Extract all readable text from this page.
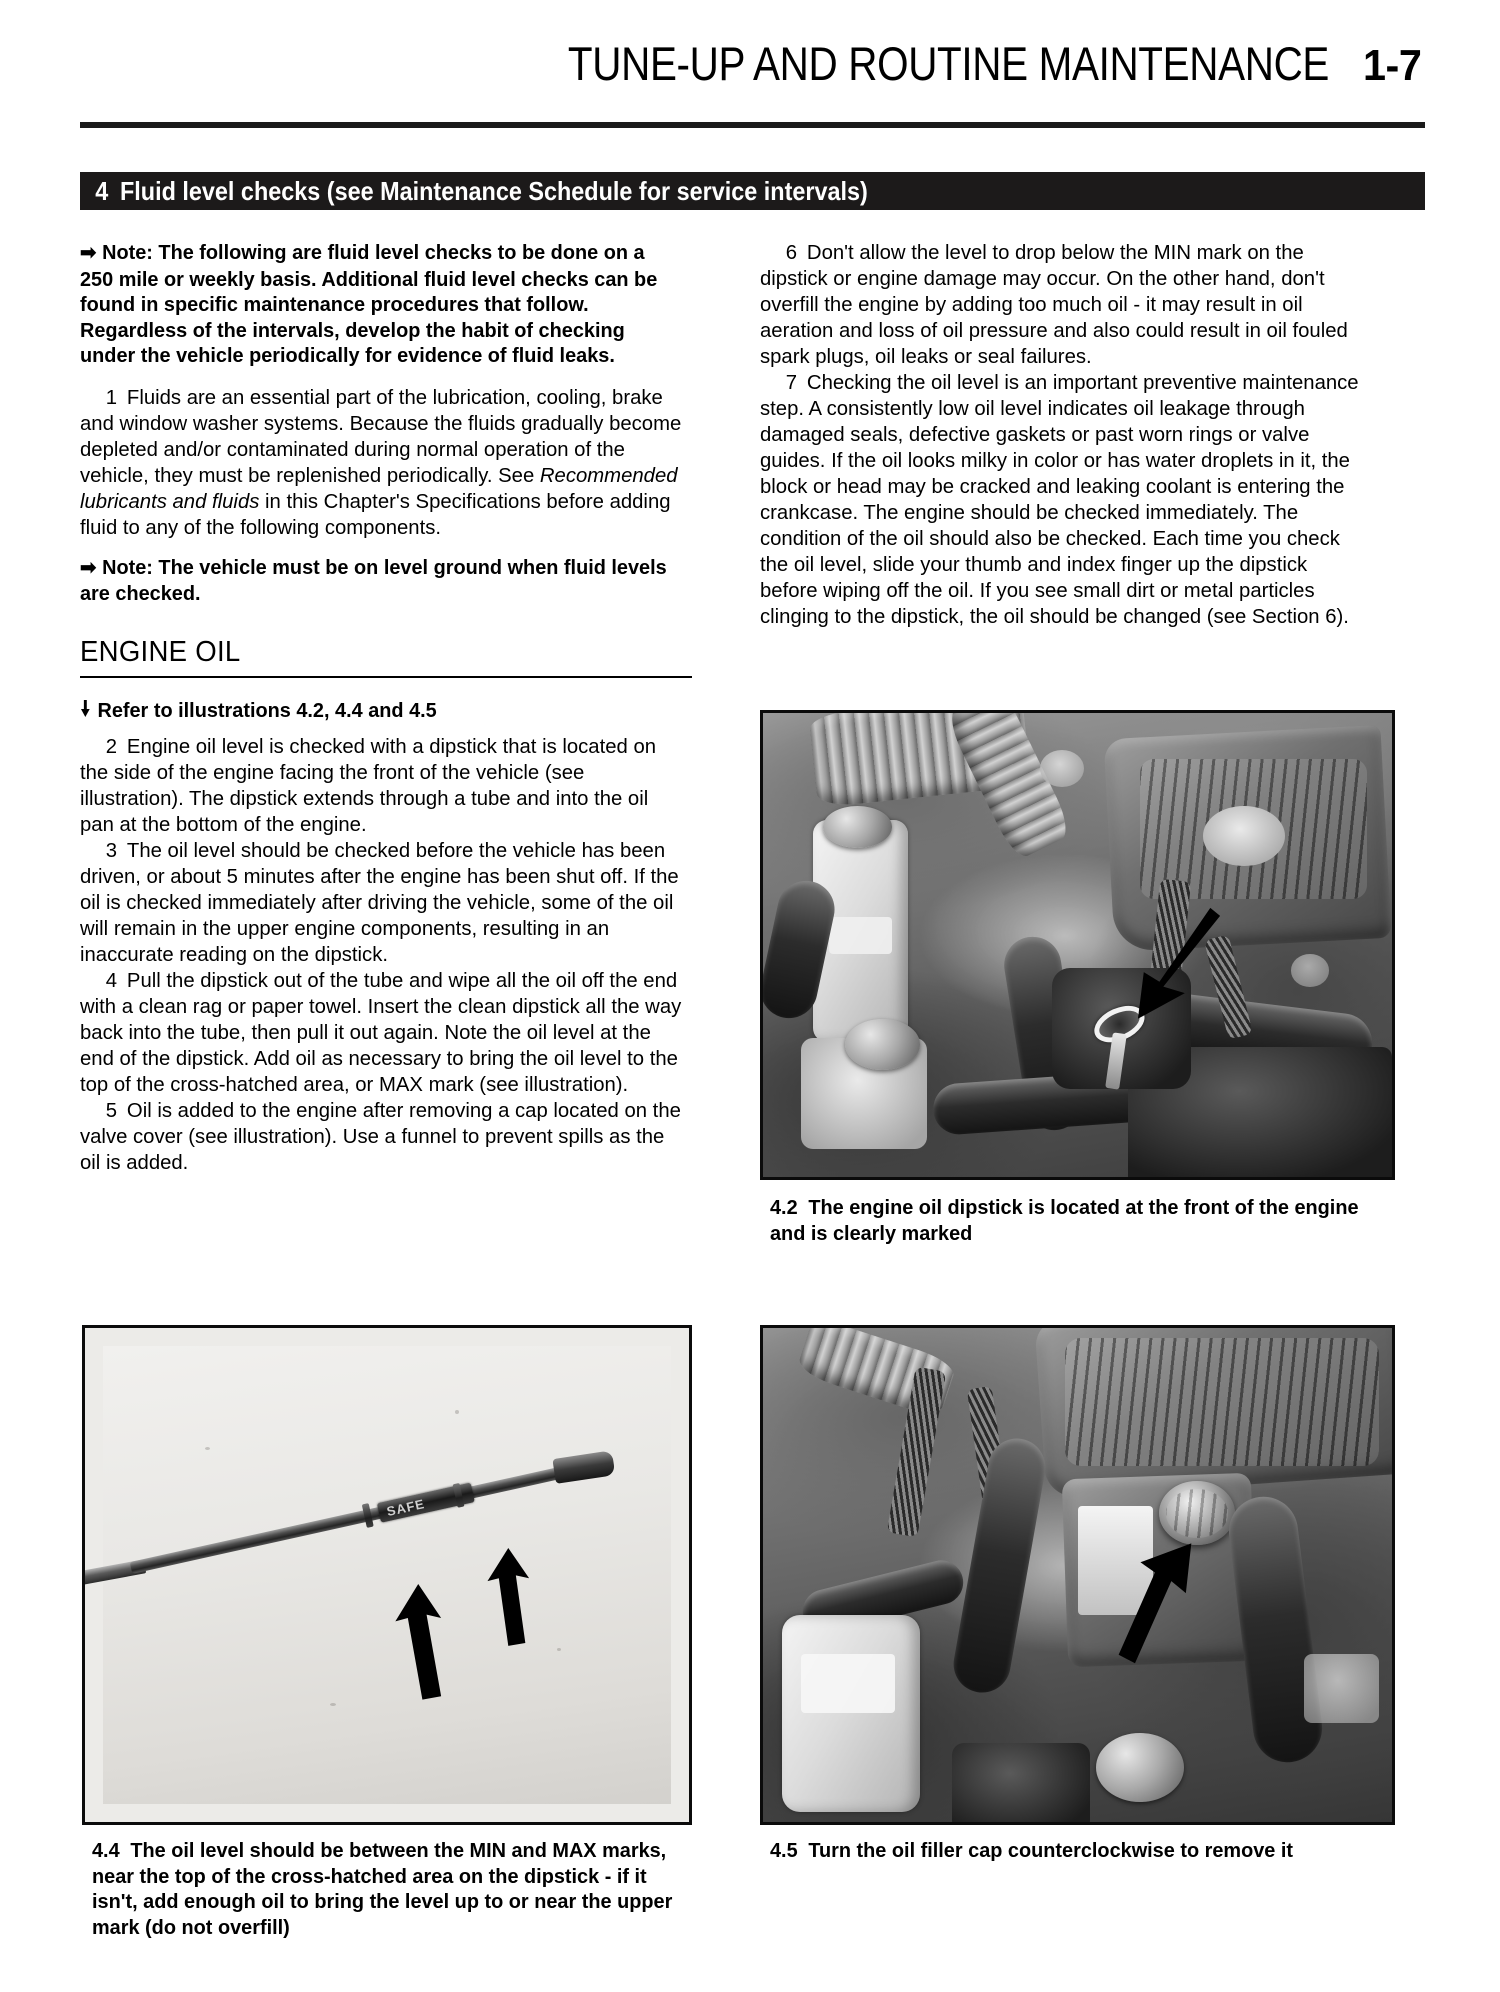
TUNE-UP AND ROUTINE MAINTENANCE 1-7
4 Fluid level checks (see Maintenance Schedule for service intervals)

➡ Note: The following are fluid level checks to be done on a 250 mile or weekly basis. Additional fluid level checks can be found in specific maintenance procedures that follow. Regardless of the intervals, develop the habit of checking under the vehicle periodically for evidence of fluid leaks.

1 Fluids are an essential part of the lubrication, cooling, brake and window washer systems. Because the fluids gradually become depleted and/or contaminated during normal operation of the vehicle, they must be replenished periodically. See Recommended lubricants and fluids in this Chapter's Specifications before adding fluid to any of the following components.

➡ Note: The vehicle must be on level ground when fluid levels are checked.

ENGINE OIL

Refer to illustrations 4.2, 4.4 and 4.5

2 Engine oil level is checked with a dipstick that is located on the side of the engine facing the front of the vehicle (see illustration). The dipstick extends through a tube and into the oil pan at the bottom of the engine.

3 The oil level should be checked before the vehicle has been driven, or about 5 minutes after the engine has been shut off. If the oil is checked immediately after driving the vehicle, some of the oil will remain in the upper engine components, resulting in an inaccurate reading on the dipstick.

4 Pull the dipstick out of the tube and wipe all the oil off the end with a clean rag or paper towel. Insert the clean dipstick all the way back into the tube, then pull it out again. Note the oil level at the end of the dipstick. Add oil as necessary to bring the oil level to the top of the cross-hatched area, or MAX mark (see illustration).

5 Oil is added to the engine after removing a cap located on the valve cover (see illustration). Use a funnel to prevent spills as the oil is added.

6 Don't allow the level to drop below the MIN mark on the dipstick or engine damage may occur. On the other hand, don't overfill the engine by adding too much oil - it may result in oil aeration and loss of oil pressure and also could result in oil fouled spark plugs, oil leaks or seal failures.

7 Checking the oil level is an important preventive maintenance step. A consistently low oil level indicates oil leakage through damaged seals, defective gaskets or past worn rings or valve guides. If the oil looks milky in color or has water droplets in it, the block or head may be cracked and leaking coolant is entering the crankcase. The engine should be checked immediately. The condition of the oil should also be checked. Each time you check the oil level, slide your thumb and index finger up the dipstick before wiping off the oil. If you see small dirt or metal particles clinging to the dipstick, the oil should be changed (see Section 6).

4.2 The engine oil dipstick is located at the front of the engine and is clearly marked

SAFE

4.4 The oil level should be between the MIN and MAX marks, near the top of the cross-hatched area on the dipstick - if it isn't, add enough oil to bring the level up to or near the upper mark (do not overfill)

4.5 Turn the oil filler cap counterclockwise to remove it
